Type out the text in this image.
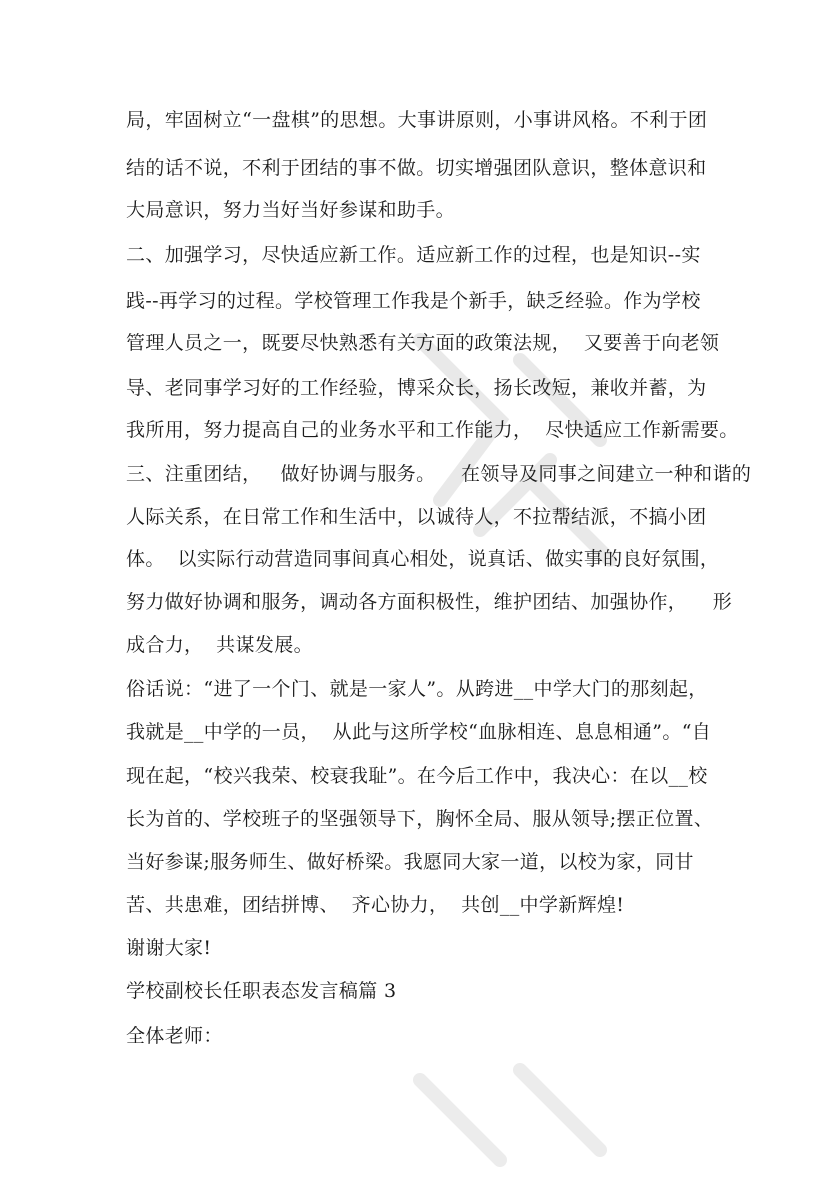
局，牢固树立“一盘棋”的思想。大事讲原则，小事讲风格。不利于团
结的话不说，不利于团结的事不做。切实增强团队意识，整体意识和
大局意识，努力当好当好参谋和助手。
二、加强学习，尽快适应新工作。适应新工作的过程，也是知识--实
践--再学习的过程。学校管理工作我是个新手，缺乏经验。作为学校
管理人员之一，既要尽快熟悉有关方面的政策法规，  又要善于向老领
导、老同事学习好的工作经验，博采众长，扬长改短，兼收并蓄，为
我所用，努力提高自己的业务水平和工作能力，  尽快适应工作新需要。
三、注重团结，   做好协调与服务。    在领导及同事之间建立一种和谐的
人际关系，在日常工作和生活中，以诚待人，不拉帮结派，不搞小团
体。  以实际行动营造同事间真心相处，说真话、做实事的良好氛围，
努力做好协调和服务，调动各方面积极性，维护团结、加强协作，    形
成合力，  共谋发展。
俗话说：“进了一个门、就是一家人”。从跨进__中学大门的那刻起，
我就是__中学的一员，  从此与这所学校“血脉相连、息息相通”。“自
现在起，“校兴我荣、校衰我耻”。在今后工作中，我决心：在以__校
长为首的、学校班子的坚强领导下，胸怀全局、服从领导;摆正位置、
当好参谋;服务师生、做好桥梁。我愿同大家一道，以校为家，同甘
苦、共患难，团结拼博、  齐心协力，  共创__中学新辉煌!
谢谢大家!
学校副校长任职表态发言稿篇 3
全体老师：
